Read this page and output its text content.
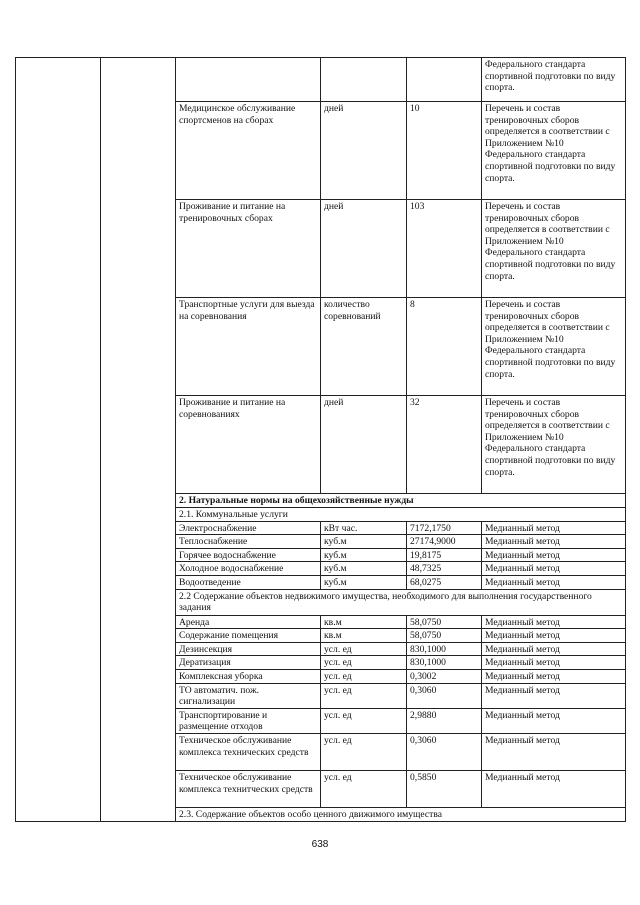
					Федерального стандарта спортивной подготовки по виду спорта.
		Медицинское обслуживание спортсменов на сборах	дней	10	Перечень и состав тренировочных сборов определяется в соответствии с Приложением №10 Федерального стандарта спортивной подготовки по виду спорта.
		Проживание и питание на тренировочных сборах	дней	103	Перечень и состав тренировочных сборов определяется в соответствии с Приложением №10 Федерального стандарта спортивной подготовки по виду спорта.
		Транспортные услуги для выезда на соревнования	количество соревнований	8	Перечень и состав тренировочных сборов определяется в соответствии с Приложением №10 Федерального стандарта спортивной подготовки по виду спорта.
		Проживание и питание на соревнованиях	дней	32	Перечень и состав тренировочных сборов определяется в соответствии с Приложением №10 Федерального стандарта спортивной подготовки по виду спорта.
		2. Натуральные нормы на общехозяйственные нужды			
		2.1. Коммунальные услуги			
		Электроснабжение	кВт час.	7172,1750	Медианный метод
		Теплоснабжение	куб.м	27174,9000	Медианный метод
		Горячее водоснабжение	куб.м	19,8175	Медианный метод
		Холодное водоснабжение	куб.м	48,7325	Медианный метод
		Водоотведение	куб.м	68,0275	Медианный метод
		2.2 Содержание объектов недвижимого имущества, необходимого для выполнения государственного задания			
		Аренда	кв.м	58,0750	Медианный метод
		Содержание помещения	кв.м	58,0750	Медианный метод
		Дезинсекция	усл. ед	830,1000	Медианный метод
		Дератизация	усл. ед	830,1000	Медианный метод
		Комплексная уборка	усл. ед	0,3002	Медианный метод
		ТО автоматич. пож. сигнализации	усл. ед	0,3060	Медианный метод
		Транспортирование и размещение отходов	усл. ед	2,9880	Медианный метод
		Техническое обслуживание комплекса технических средств	усл. ед	0,3060	Медианный метод
		Техническое обслуживание комплекса технитческих средств	усл. ед	0,5850	Медианный метод
		2.3. Содержание объектов особо ценного движимого имущества			
638
